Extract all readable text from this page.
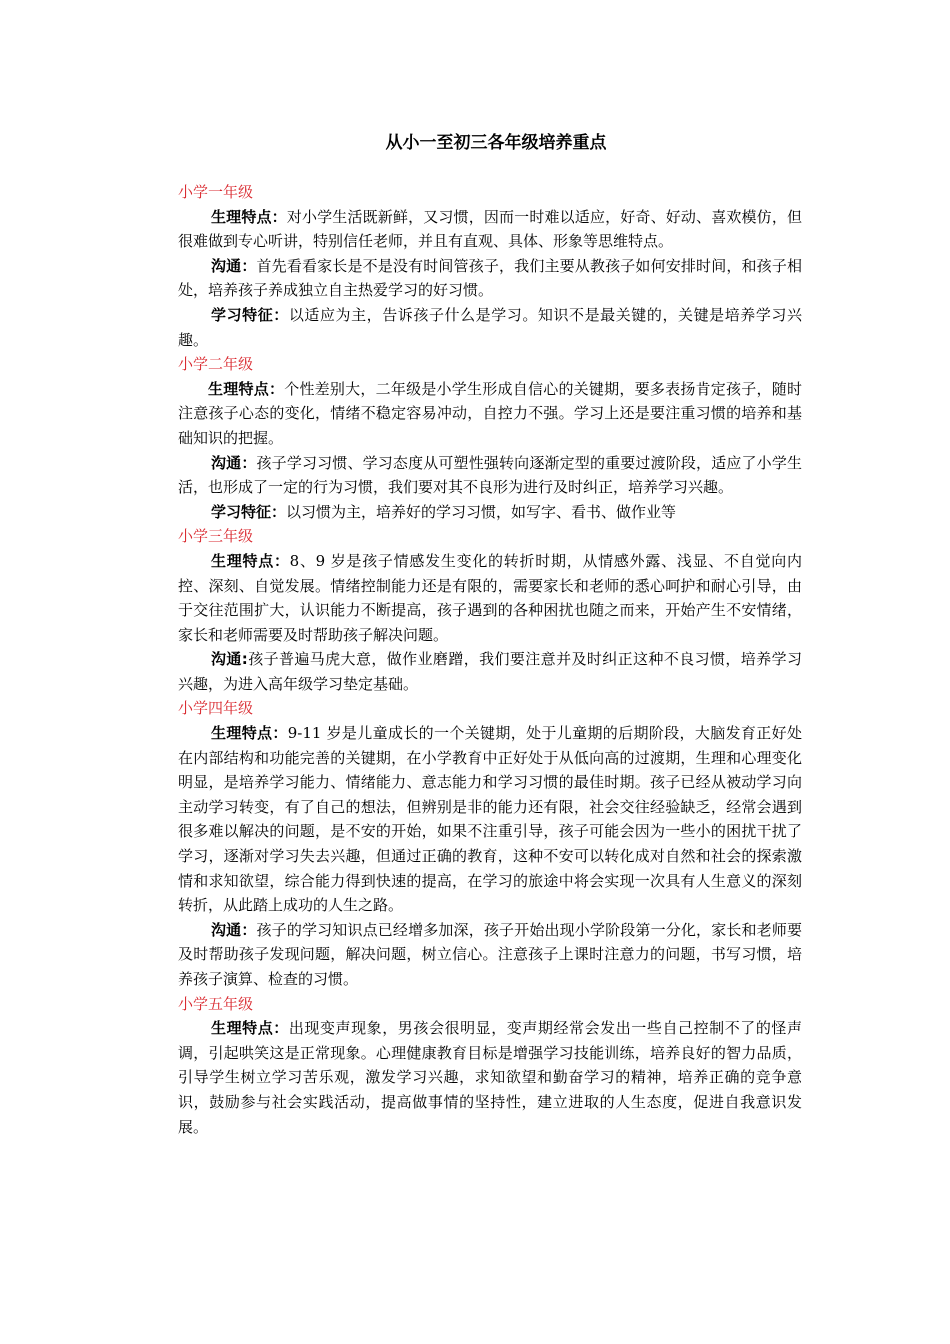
从小一至初三各年级培养重点

小学一年级

生理特点：对小学生活既新鲜，又习惯，因而一时难以适应，好奇、好动、喜欢模仿，但很难做到专心听讲，特别信任老师，并且有直观、具体、形象等思维特点。

沟通：首先看看家长是不是没有时间管孩子，我们主要从教孩子如何安排时间，和孩子相处，培养孩子养成独立自主热爱学习的好习惯。

学习特征：以适应为主，告诉孩子什么是学习。知识不是最关键的，关键是培养学习兴趣。

小学二年级

生理特点：个性差别大，二年级是小学生形成自信心的关键期，要多表扬肯定孩子，随时注意孩子心态的变化，情绪不稳定容易冲动，自控力不强。学习上还是要注重习惯的培养和基础知识的把握。

沟通：孩子学习习惯、学习态度从可塑性强转向逐渐定型的重要过渡阶段，适应了小学生活，也形成了一定的行为习惯，我们要对其不良形为进行及时纠正，培养学习兴趣。

学习特征：以习惯为主，培养好的学习习惯，如写字、看书、做作业等

小学三年级

生理特点：8、9 岁是孩子情感发生变化的转折时期，从情感外露、浅显、不自觉向内控、深刻、自觉发展。情绪控制能力还是有限的，需要家长和老师的悉心呵护和耐心引导，由于交往范围扩大，认识能力不断提高，孩子遇到的各种困扰也随之而来，开始产生不安情绪，家长和老师需要及时帮助孩子解决问题。

沟通:孩子普遍马虎大意，做作业磨蹭，我们要注意并及时纠正这种不良习惯，培养学习兴趣，为进入高年级学习垫定基础。

小学四年级

生理特点：9-11 岁是儿童成长的一个关键期，处于儿童期的后期阶段，大脑发育正好处在内部结构和功能完善的关键期，在小学教育中正好处于从低向高的过渡期，生理和心理变化明显，是培养学习能力、情绪能力、意志能力和学习习惯的最佳时期。孩子已经从被动学习向主动学习转变，有了自己的想法，但辨别是非的能力还有限，社会交往经验缺乏，经常会遇到很多难以解决的问题，是不安的开始，如果不注重引导，孩子可能会因为一些小的困扰干扰了学习，逐渐对学习失去兴趣，但通过正确的教育，这种不安可以转化成对自然和社会的探索激情和求知欲望，综合能力得到快速的提高，在学习的旅途中将会实现一次具有人生意义的深刻转折，从此踏上成功的人生之路。

沟通：孩子的学习知识点已经增多加深，孩子开始出现小学阶段第一分化，家长和老师要及时帮助孩子发现问题，解决问题，树立信心。注意孩子上课时注意力的问题，书写习惯，培养孩子演算、检查的习惯。

小学五年级

生理特点：出现变声现象，男孩会很明显，变声期经常会发出一些自己控制不了的怪声调，引起哄笑这是正常现象。心理健康教育目标是增强学习技能训练，培养良好的智力品质，引导学生树立学习苦乐观，激发学习兴趣，求知欲望和勤奋学习的精神，培养正确的竞争意识，鼓励参与社会实践活动，提高做事情的坚持性，建立进取的人生态度，促进自我意识发展。
